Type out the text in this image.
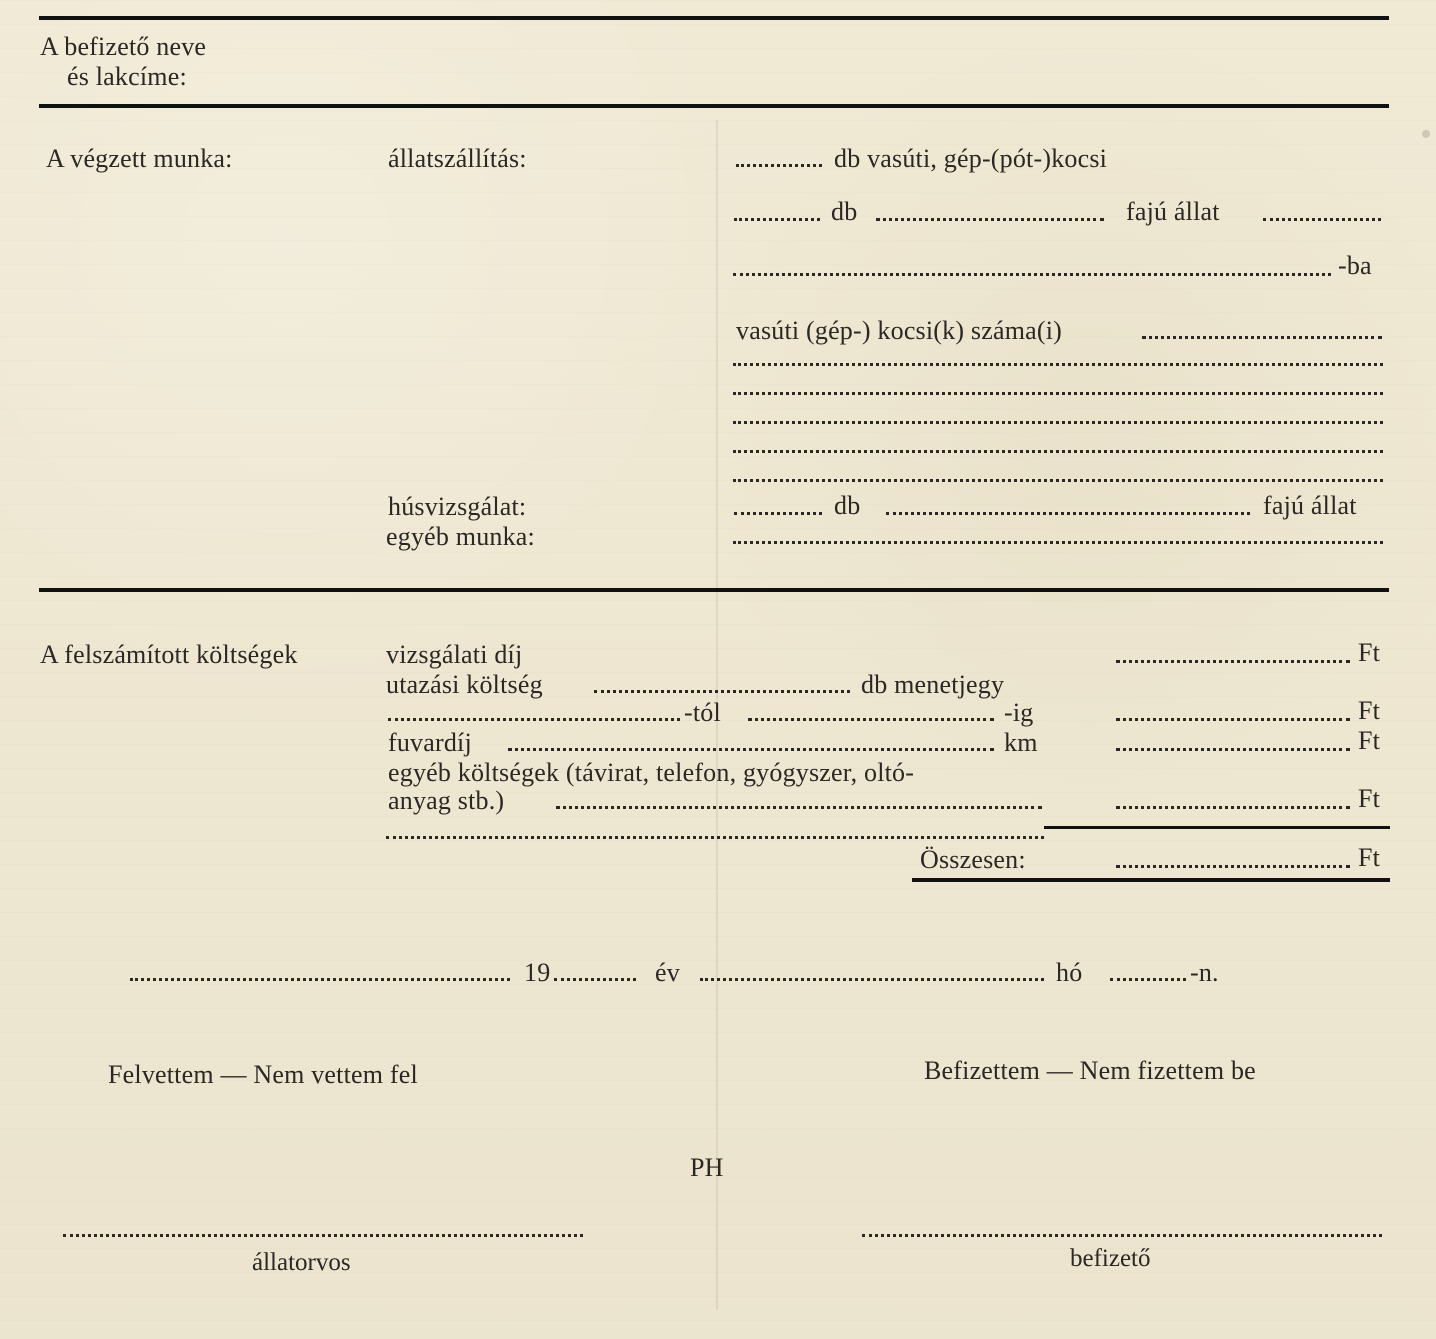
A befizető neve
és lakcíme:
A végzett munka:	állatszállítás:	db vasúti, gép-(pót-)kocsi
db	fajú állat
-ba
vasúti (gép-) kocsi(k) száma(i)
húsvizsgálat:	db	fajú állat
egyéb munka:
A felszámított költségek	vizsgálati díj	Ft
utazási költség	db menetjegy
-tól	-ig	Ft
fuvardíj	km	Ft
egyéb költségek (távirat, telefon, gyógyszer, oltó-
anyag stb.)	Ft
Összesen:	Ft
19	év	hó	-n.
Felvettem — Nem vettem fel	Befizettem — Nem fizettem be
PH
állatorvos	befizető
